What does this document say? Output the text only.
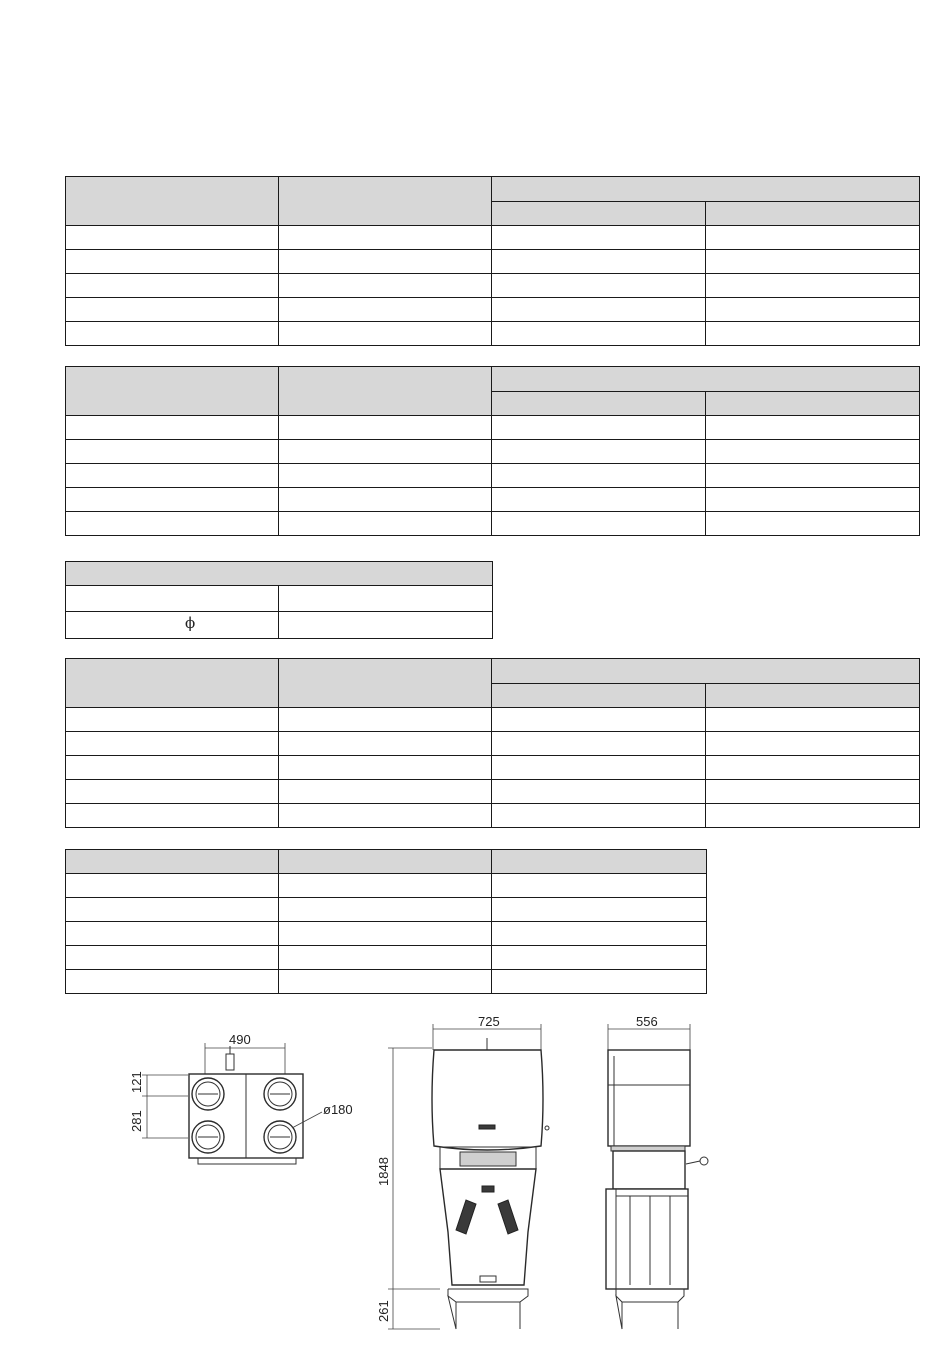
ϕ

490
121
281
ø180
725
1848
261
556
